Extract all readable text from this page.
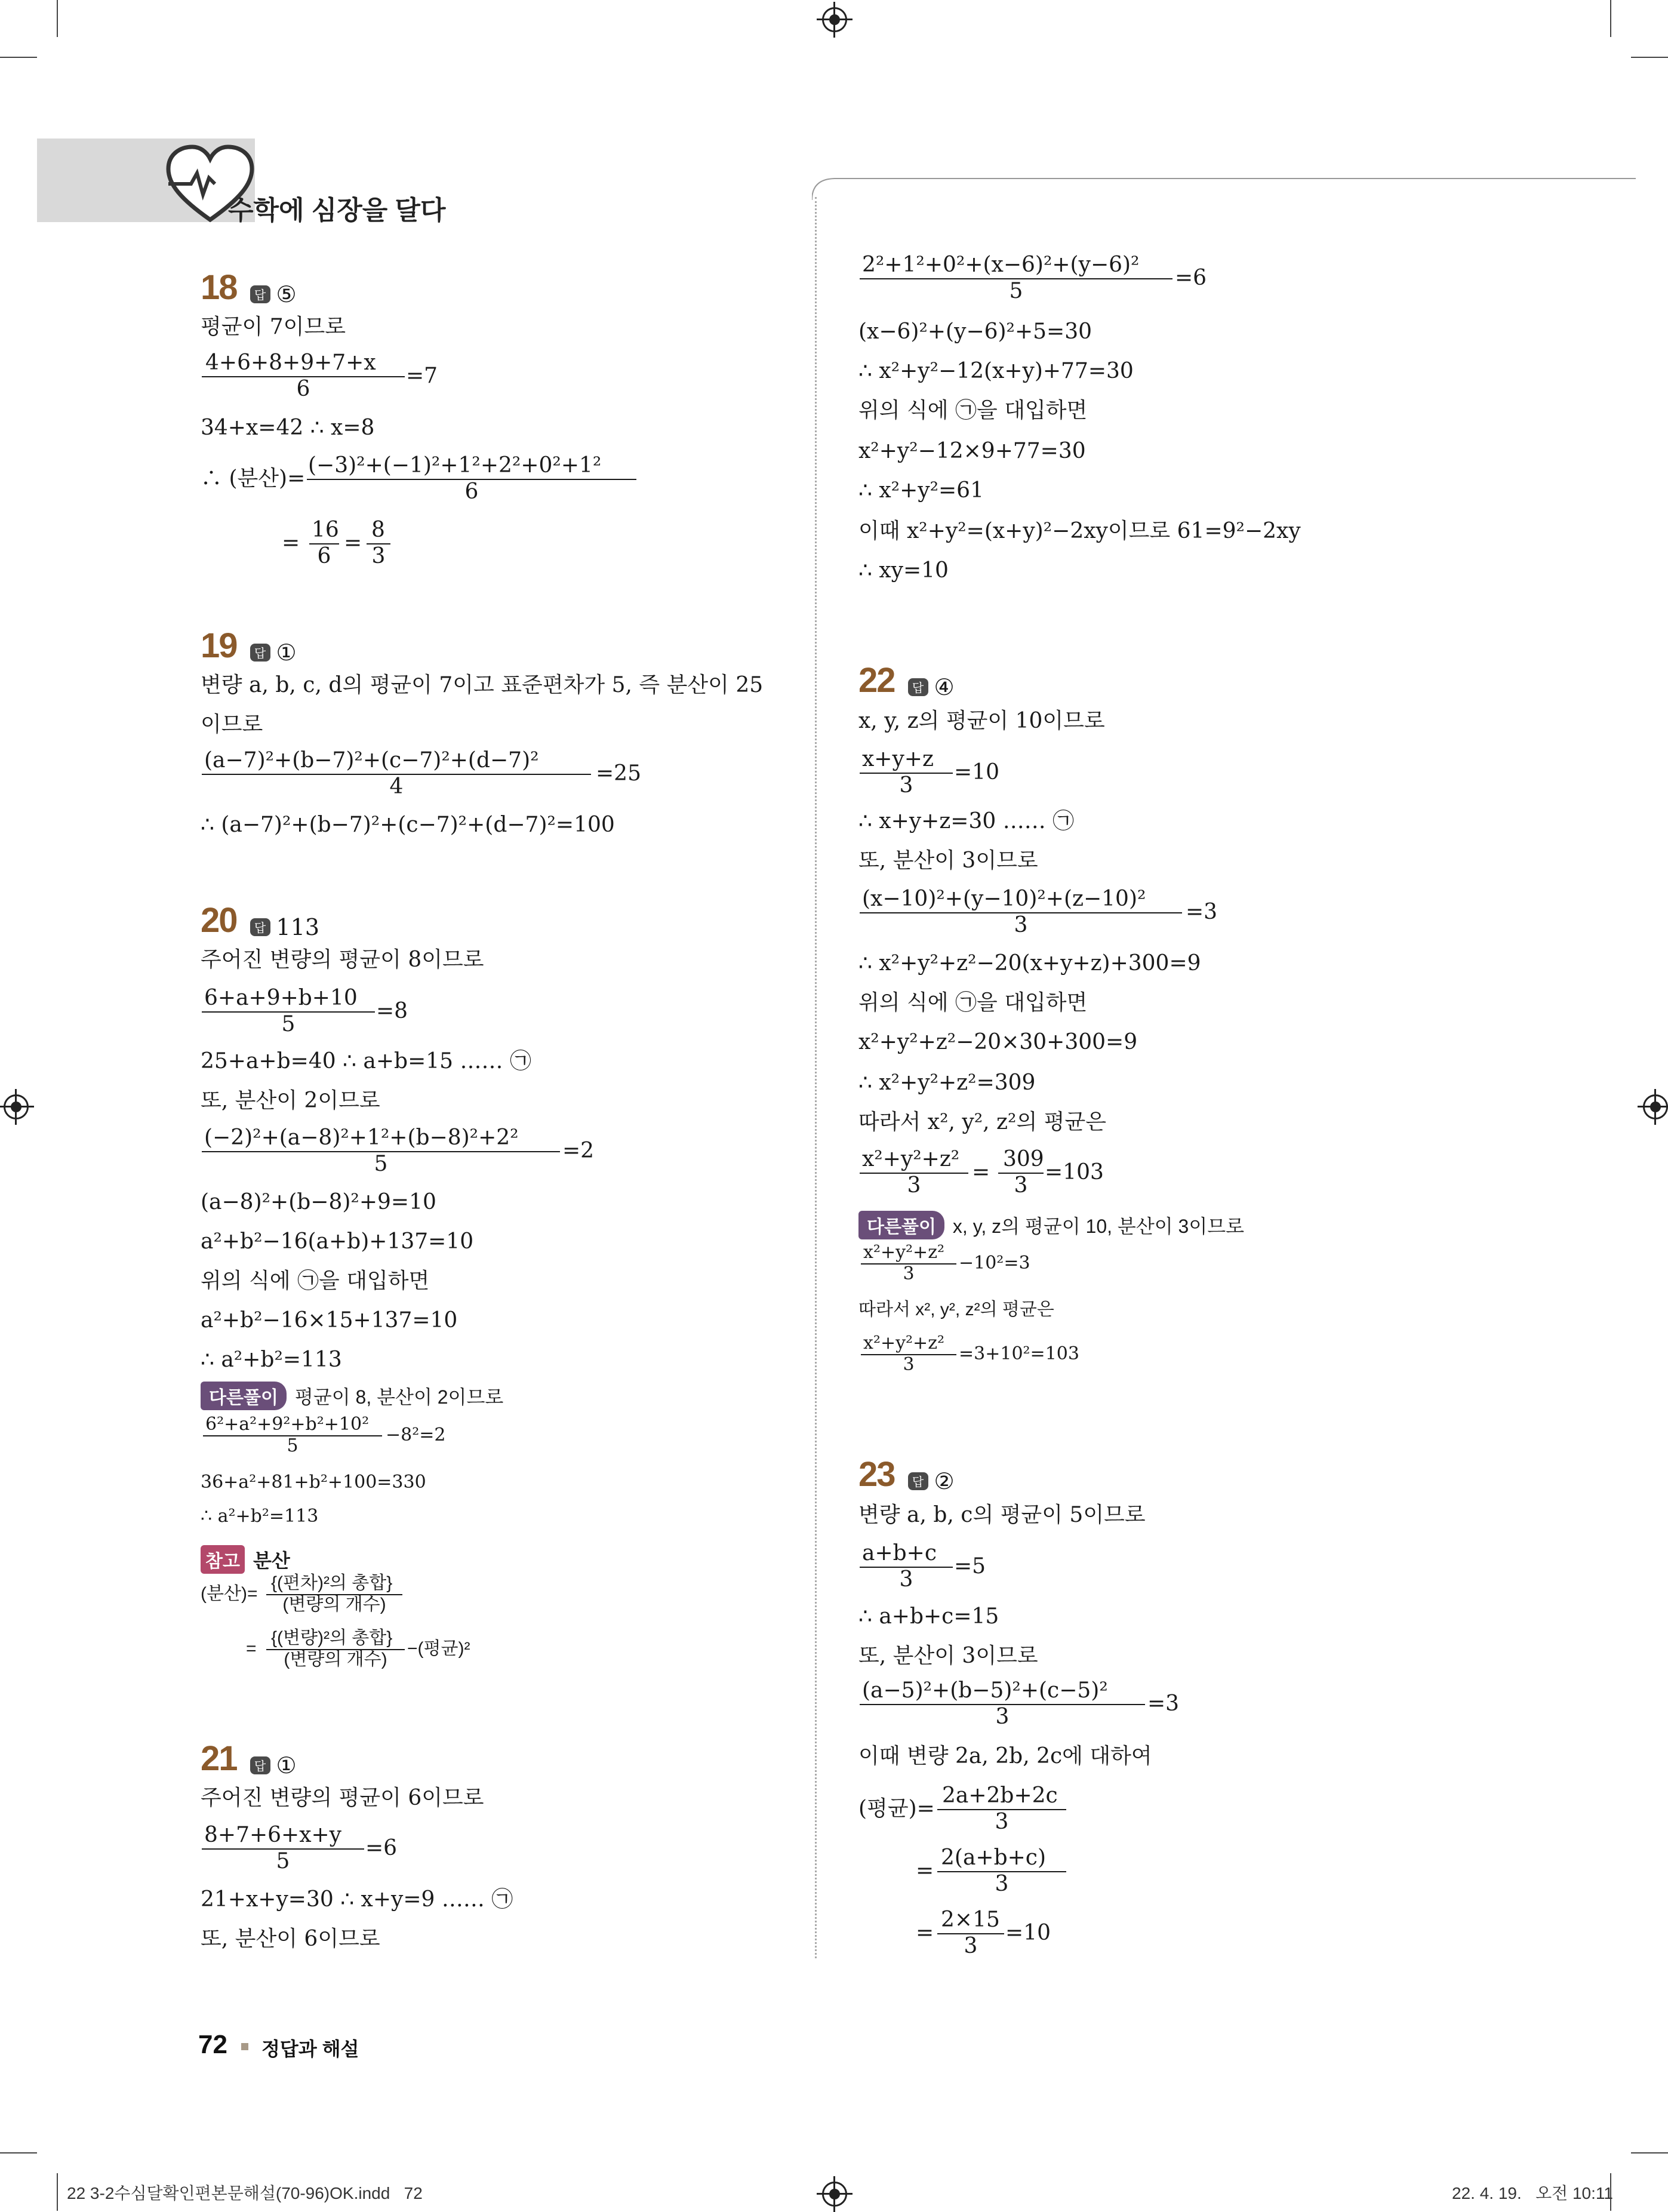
수학에 심장을 달다
18	답 ⑤
평균이 7이므로
4+6+8+9+7+x
6
=7
34+x=42 ∴ x=8
∴ (분산)=
(−3)²+(−1)²+1²+2²+0²+1²
6
=
16
6
=
8
3
19	답 ①
변량 a, b, c, d의 평균이 7이고 표준편차가 5, 즉 분산이 25
이므로
(a−7)²+(b−7)²+(c−7)²+(d−7)²
4
=25
∴ (a−7)²+(b−7)²+(c−7)²+(d−7)²=100
20	답 113
주어진 변량의 평균이 8이므로
6+a+9+b+10
5
=8
25+a+b=40 ∴ a+b=15 …… ㉠
또, 분산이 2이므로
(−2)²+(a−8)²+1²+(b−8)²+2²
5
=2
(a−8)²+(b−8)²+9=10
a²+b²−16(a+b)+137=10
위의 식에 ㉠을 대입하면
a²+b²−16×15+137=10
∴ a²+b²=113
다른풀이 평균이 8, 분산이 2이므로
6²+a²+9²+b²+10²
5
−8²=2
36+a²+81+b²+100=330
∴ a²+b²=113
참고 분산
(분산)=
{(편차)²의 총합}
(변량의 개수)
=
{(변량)²의 총합}
(변량의 개수)
−(평균)²
21	답 ①
주어진 변량의 평균이 6이므로
8+7+6+x+y
5
=6
21+x+y=30 ∴ x+y=9 …… ㉠
또, 분산이 6이므로
2²+1²+0²+(x−6)²+(y−6)²
5
=6
(x−6)²+(y−6)²+5=30
∴ x²+y²−12(x+y)+77=30
위의 식에 ㉠을 대입하면
x²+y²−12×9+77=30
∴ x²+y²=61
이때 x²+y²=(x+y)²−2xy이므로 61=9²−2xy
∴ xy=10
22	답 ④
x, y, z의 평균이 10이므로
x+y+z
3
=10
∴ x+y+z=30 …… ㉠
또, 분산이 3이므로
(x−10)²+(y−10)²+(z−10)²
3
=3
∴ x²+y²+z²−20(x+y+z)+300=9
위의 식에 ㉠을 대입하면
x²+y²+z²−20×30+300=9
∴ x²+y²+z²=309
따라서 x², y², z²의 평균은
x²+y²+z²
3
=
309
3
=103
다른풀이 x, y, z의 평균이 10, 분산이 3이므로
x²+y²+z²
3
−10²=3
따라서 x², y², z²의 평균은
x²+y²+z²
3
=3+10²=103
23	답 ②
변량 a, b, c의 평균이 5이므로
a+b+c
3
=5
∴ a+b+c=15
또, 분산이 3이므로
(a−5)²+(b−5)²+(c−5)²
3
=3
이때 변량 2a, 2b, 2c에 대하여
(평균)=
2a+2b+2c
3
=
2(a+b+c)
3
=
2×15
3
=10
72 정답과 해설
22 3-2수심달확인편본문해설(70-96)OK.indd   72	22. 4. 19.   오전 10:11
